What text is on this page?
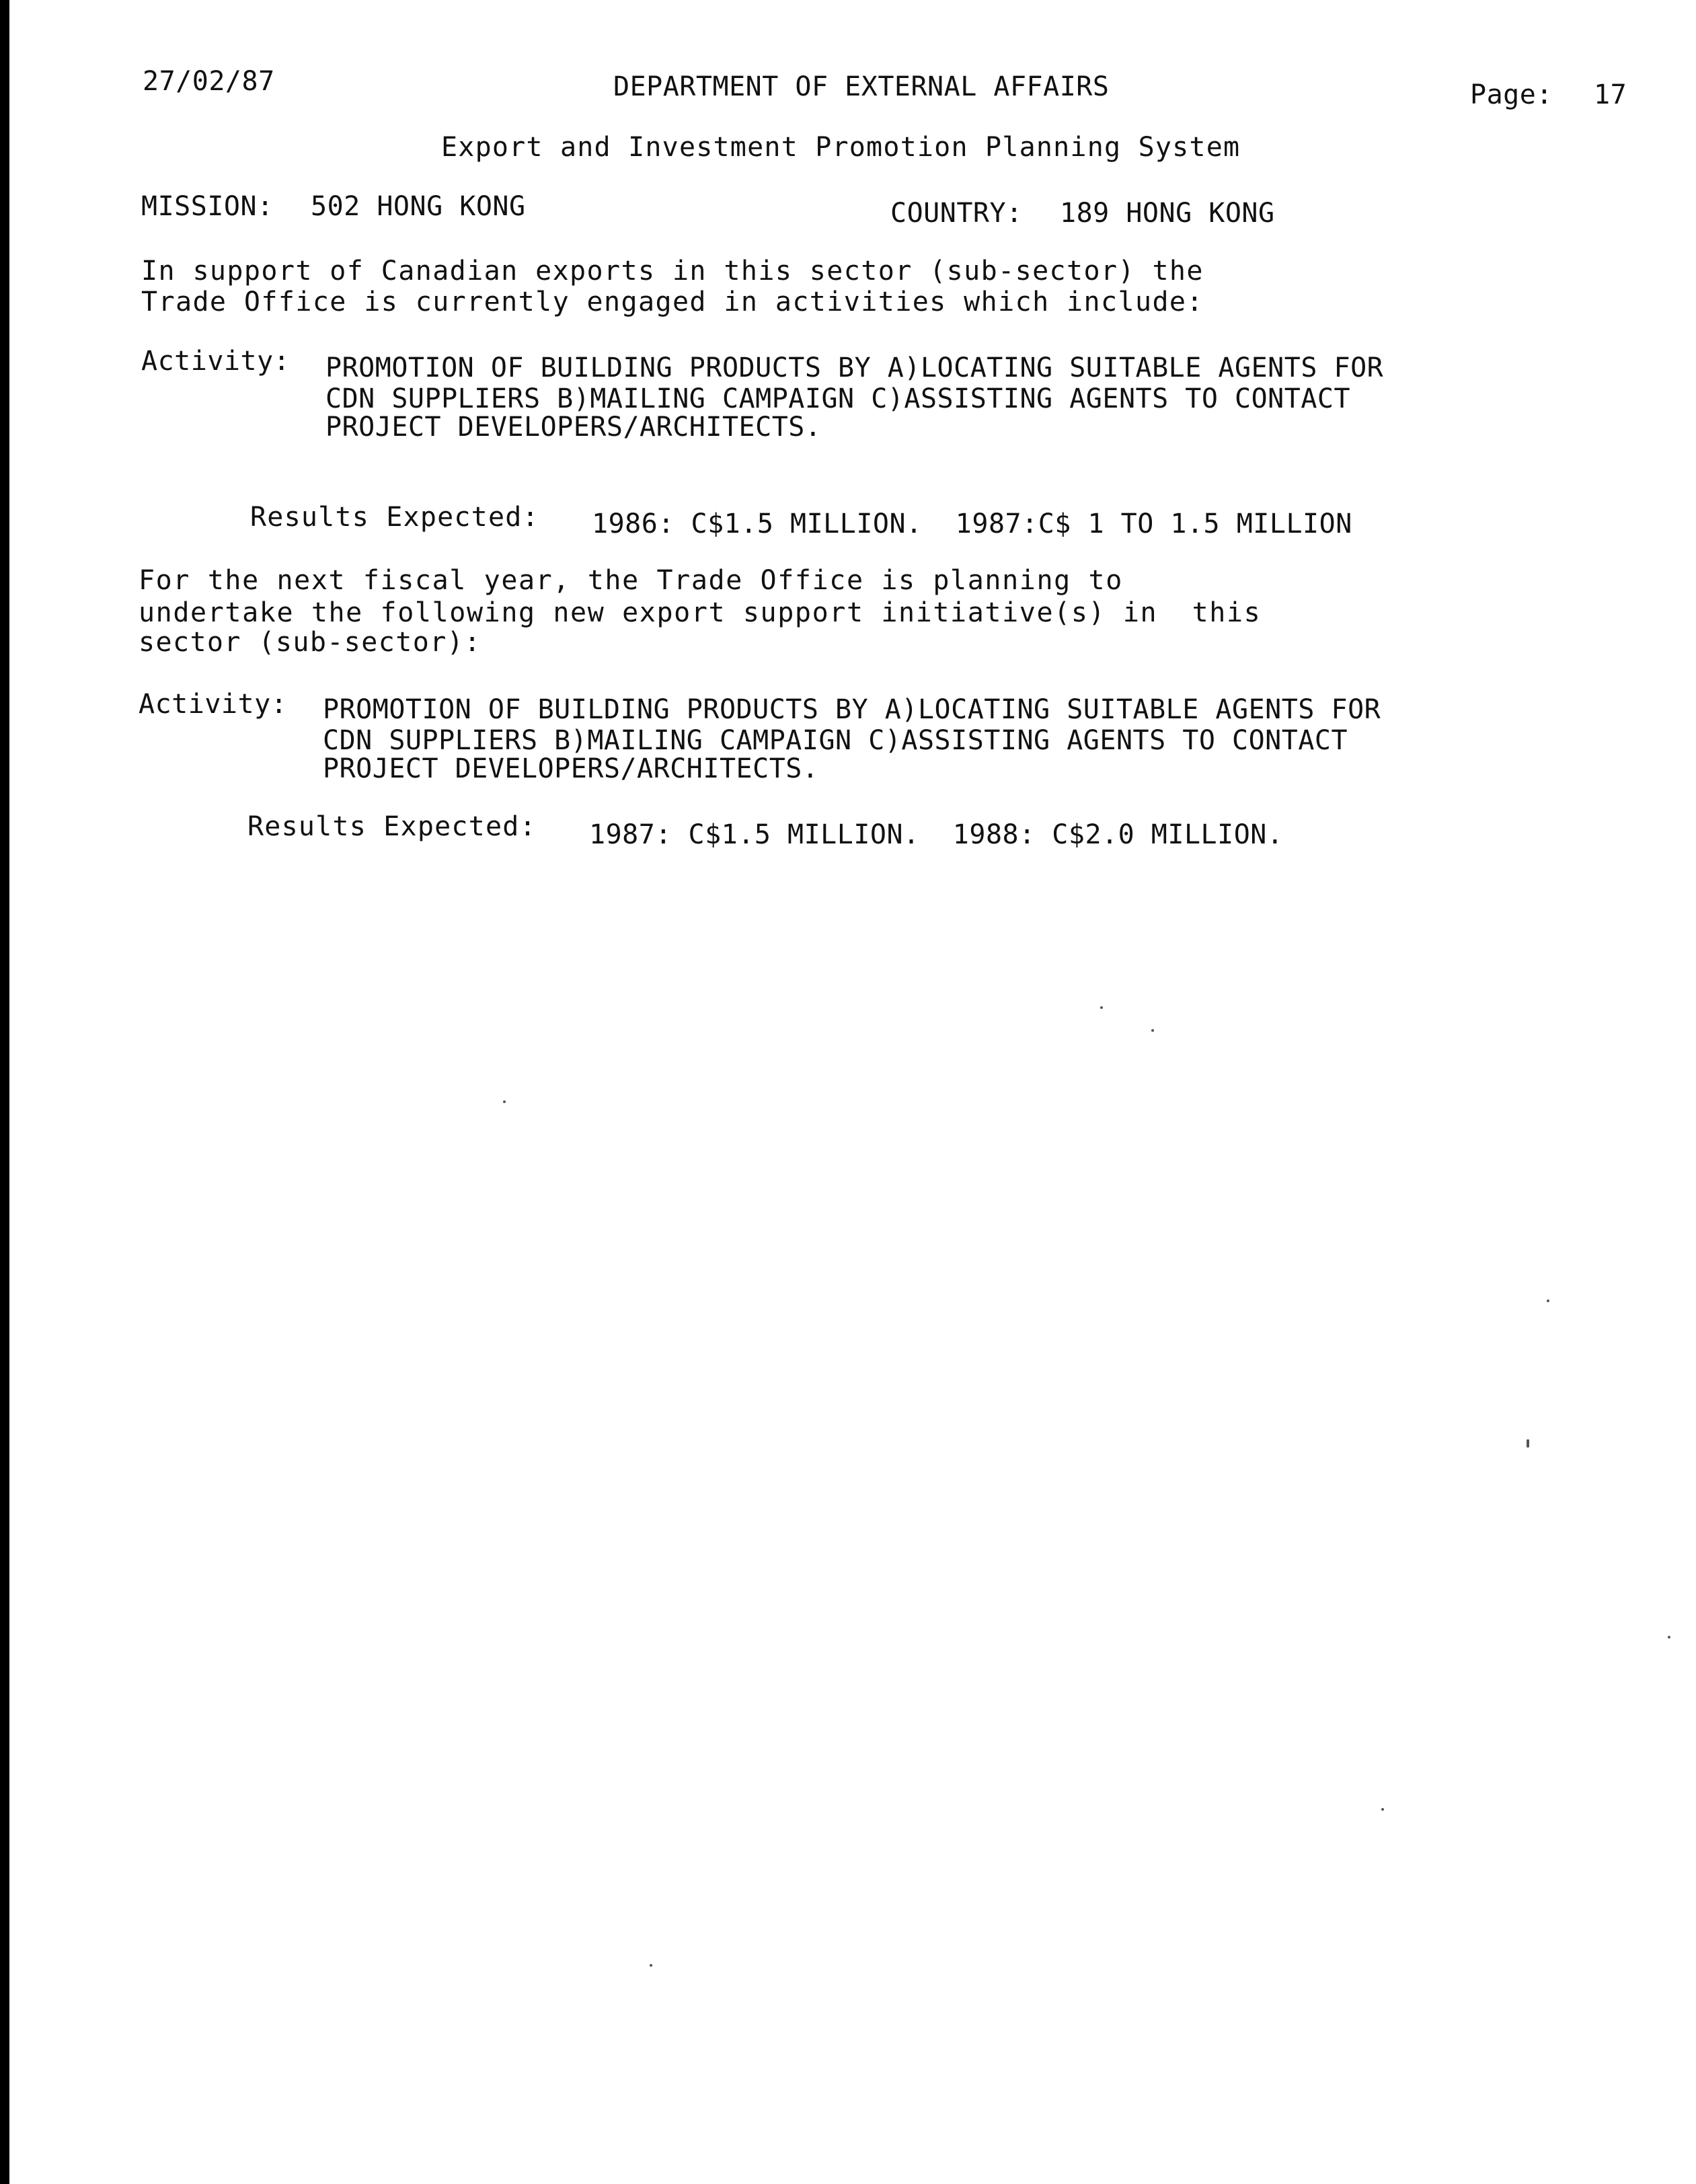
27/02/87	DEPARTMENT OF EXTERNAL AFFAIRS	Page: 17
Export and Investment Promotion Planning System
MISSION: 502 HONG KONG	COUNTRY: 189 HONG KONG
In support of Canadian exports in this sector (sub-sector) the
Trade Office is currently engaged in activities which include:
Activity: PROMOTION OF BUILDING PRODUCTS BY A)LOCATING SUITABLE AGENTS FOR
CDN SUPPLIERS B)MAILING CAMPAIGN C)ASSISTING AGENTS TO CONTACT
PROJECT DEVELOPERS/ARCHITECTS.
Results Expected: 1986: C$1.5 MILLION.  1987:C$ 1 TO 1.5 MILLION
For the next fiscal year, the Trade Office is planning to
undertake the following new export support initiative(s) in  this
sector (sub-sector):
Activity: PROMOTION OF BUILDING PRODUCTS BY A)LOCATING SUITABLE AGENTS FOR
CDN SUPPLIERS B)MAILING CAMPAIGN C)ASSISTING AGENTS TO CONTACT
PROJECT DEVELOPERS/ARCHITECTS.
Results Expected: 1987: C$1.5 MILLION.  1988: C$2.0 MILLION.
